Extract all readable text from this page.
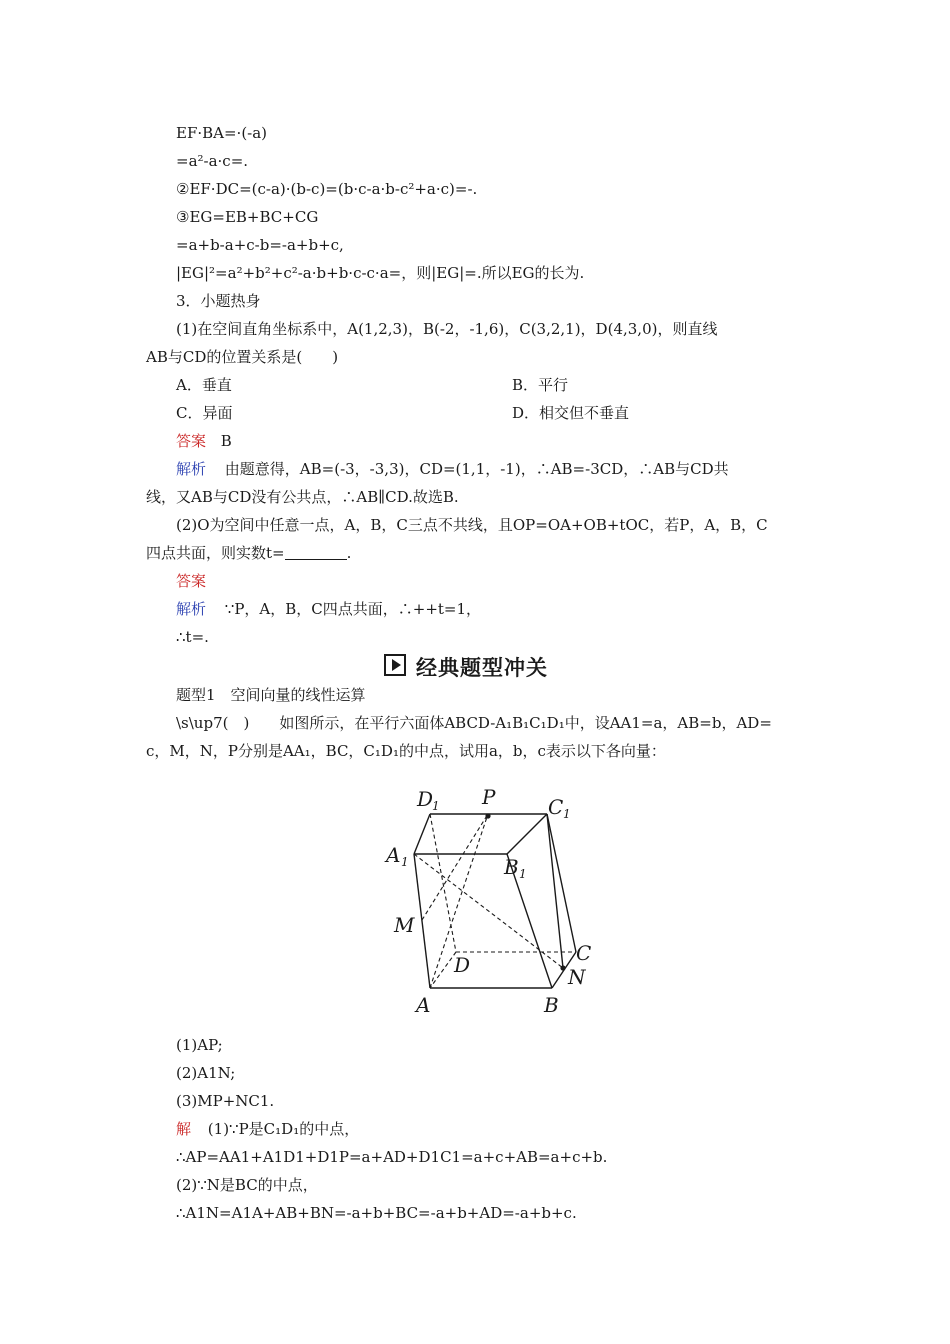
EF·BA=·(-a)
=a²-a·c=.
②EF·DC=(c-a)·(b-c)=(b·c-a·b-c²+a·c)=-.
③EG=EB+BC+CG
=a+b-a+c-b=-a+b+c,
|EG|²=a²+b²+c²-a·b+b·c-c·a=，则|EG|=.所以EG的长为.
3．小题热身
(1)在空间直角坐标系中，A(1,2,3)，B(-2，-1,6)，C(3,2,1)，D(4,3,0)，则直线
AB与CD的位置关系是(　　)
A．垂直	B．平行
C．异面	D．相交但不垂直
答案 B
解析 由题意得，AB=(-3，-3,3)，CD=(1,1，-1)，∴AB=-3CD，∴AB与CD共
线，又AB与CD没有公共点，∴AB∥CD.故选B.
(2)O为空间中任意一点，A，B，C三点不共线，且OP=OA+OB+tOC，若P，A，B，C
四点共面，则实数t=	.
答案
解析 ∵P，A，B，C四点共面，∴++t=1，
∴t=.
经典题型冲关
题型1　空间向量的线性运算
\s\up7(　)　　如图所示，在平行六面体ABCD-A₁B₁C₁D₁中，设AA1=a，AB=b，AD=
c，M，N，P分别是AA₁，BC，C₁D₁的中点，试用a，b，c表示以下各向量：
D
1 P	C 1
A 1	B 1
M
C
D	N
A	B
(1)AP;
(2)A1N;
(3)MP+NC1.
解 (1)∵P是C₁D₁的中点，
∴AP=AA1+A1D1+D1P=a+AD+D1C1=a+c+AB=a+c+b.
(2)∵N是BC的中点，
∴A1N=A1A+AB+BN=-a+b+BC=-a+b+AD=-a+b+c.
